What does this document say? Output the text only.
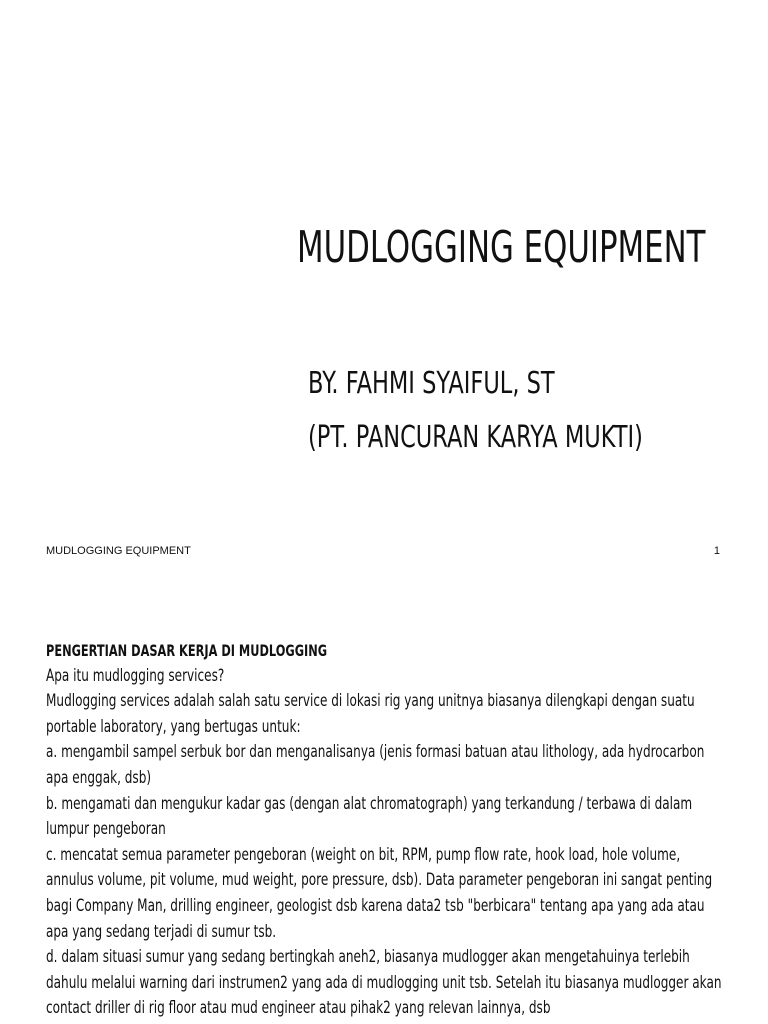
MUDLOGGING EQUIPMENT
BY. FAHMI SYAIFUL, ST
(PT. PANCURAN KARYA MUKTI)
MUDLOGGING EQUIPMENT	1

PENGERTIAN DASAR KERJA DI MUDLOGGING

Apa itu mudlogging services?

Mudlogging services adalah salah satu service di lokasi rig yang unitnya biasanya dilengkapi dengan suatu portable laboratory, yang bertugas untuk:

a. mengambil sampel serbuk bor dan menganalisanya (jenis formasi batuan atau lithology, ada hydrocarbon apa enggak, dsb)

b. mengamati dan mengukur kadar gas (dengan alat chromatograph) yang terkandung / terbawa di dalam lumpur pengeboran

c. mencatat semua parameter pengeboran (weight on bit, RPM, pump flow rate, hook load, hole volume, annulus volume, pit volume, mud weight, pore pressure, dsb). Data parameter pengeboran ini sangat penting bagi Company Man, drilling engineer, geologist dsb karena data2 tsb "berbicara" tentang apa yang ada atau apa yang sedang terjadi di sumur tsb.

d. dalam situasi sumur yang sedang bertingkah aneh2, biasanya mudlogger akan mengetahuinya terlebih dahulu melalui warning dari instrumen2 yang ada di mudlogging unit tsb. Setelah itu biasanya mudlogger akan contact driller di rig floor atau mud engineer atau pihak2 yang relevan lainnya, dsb
